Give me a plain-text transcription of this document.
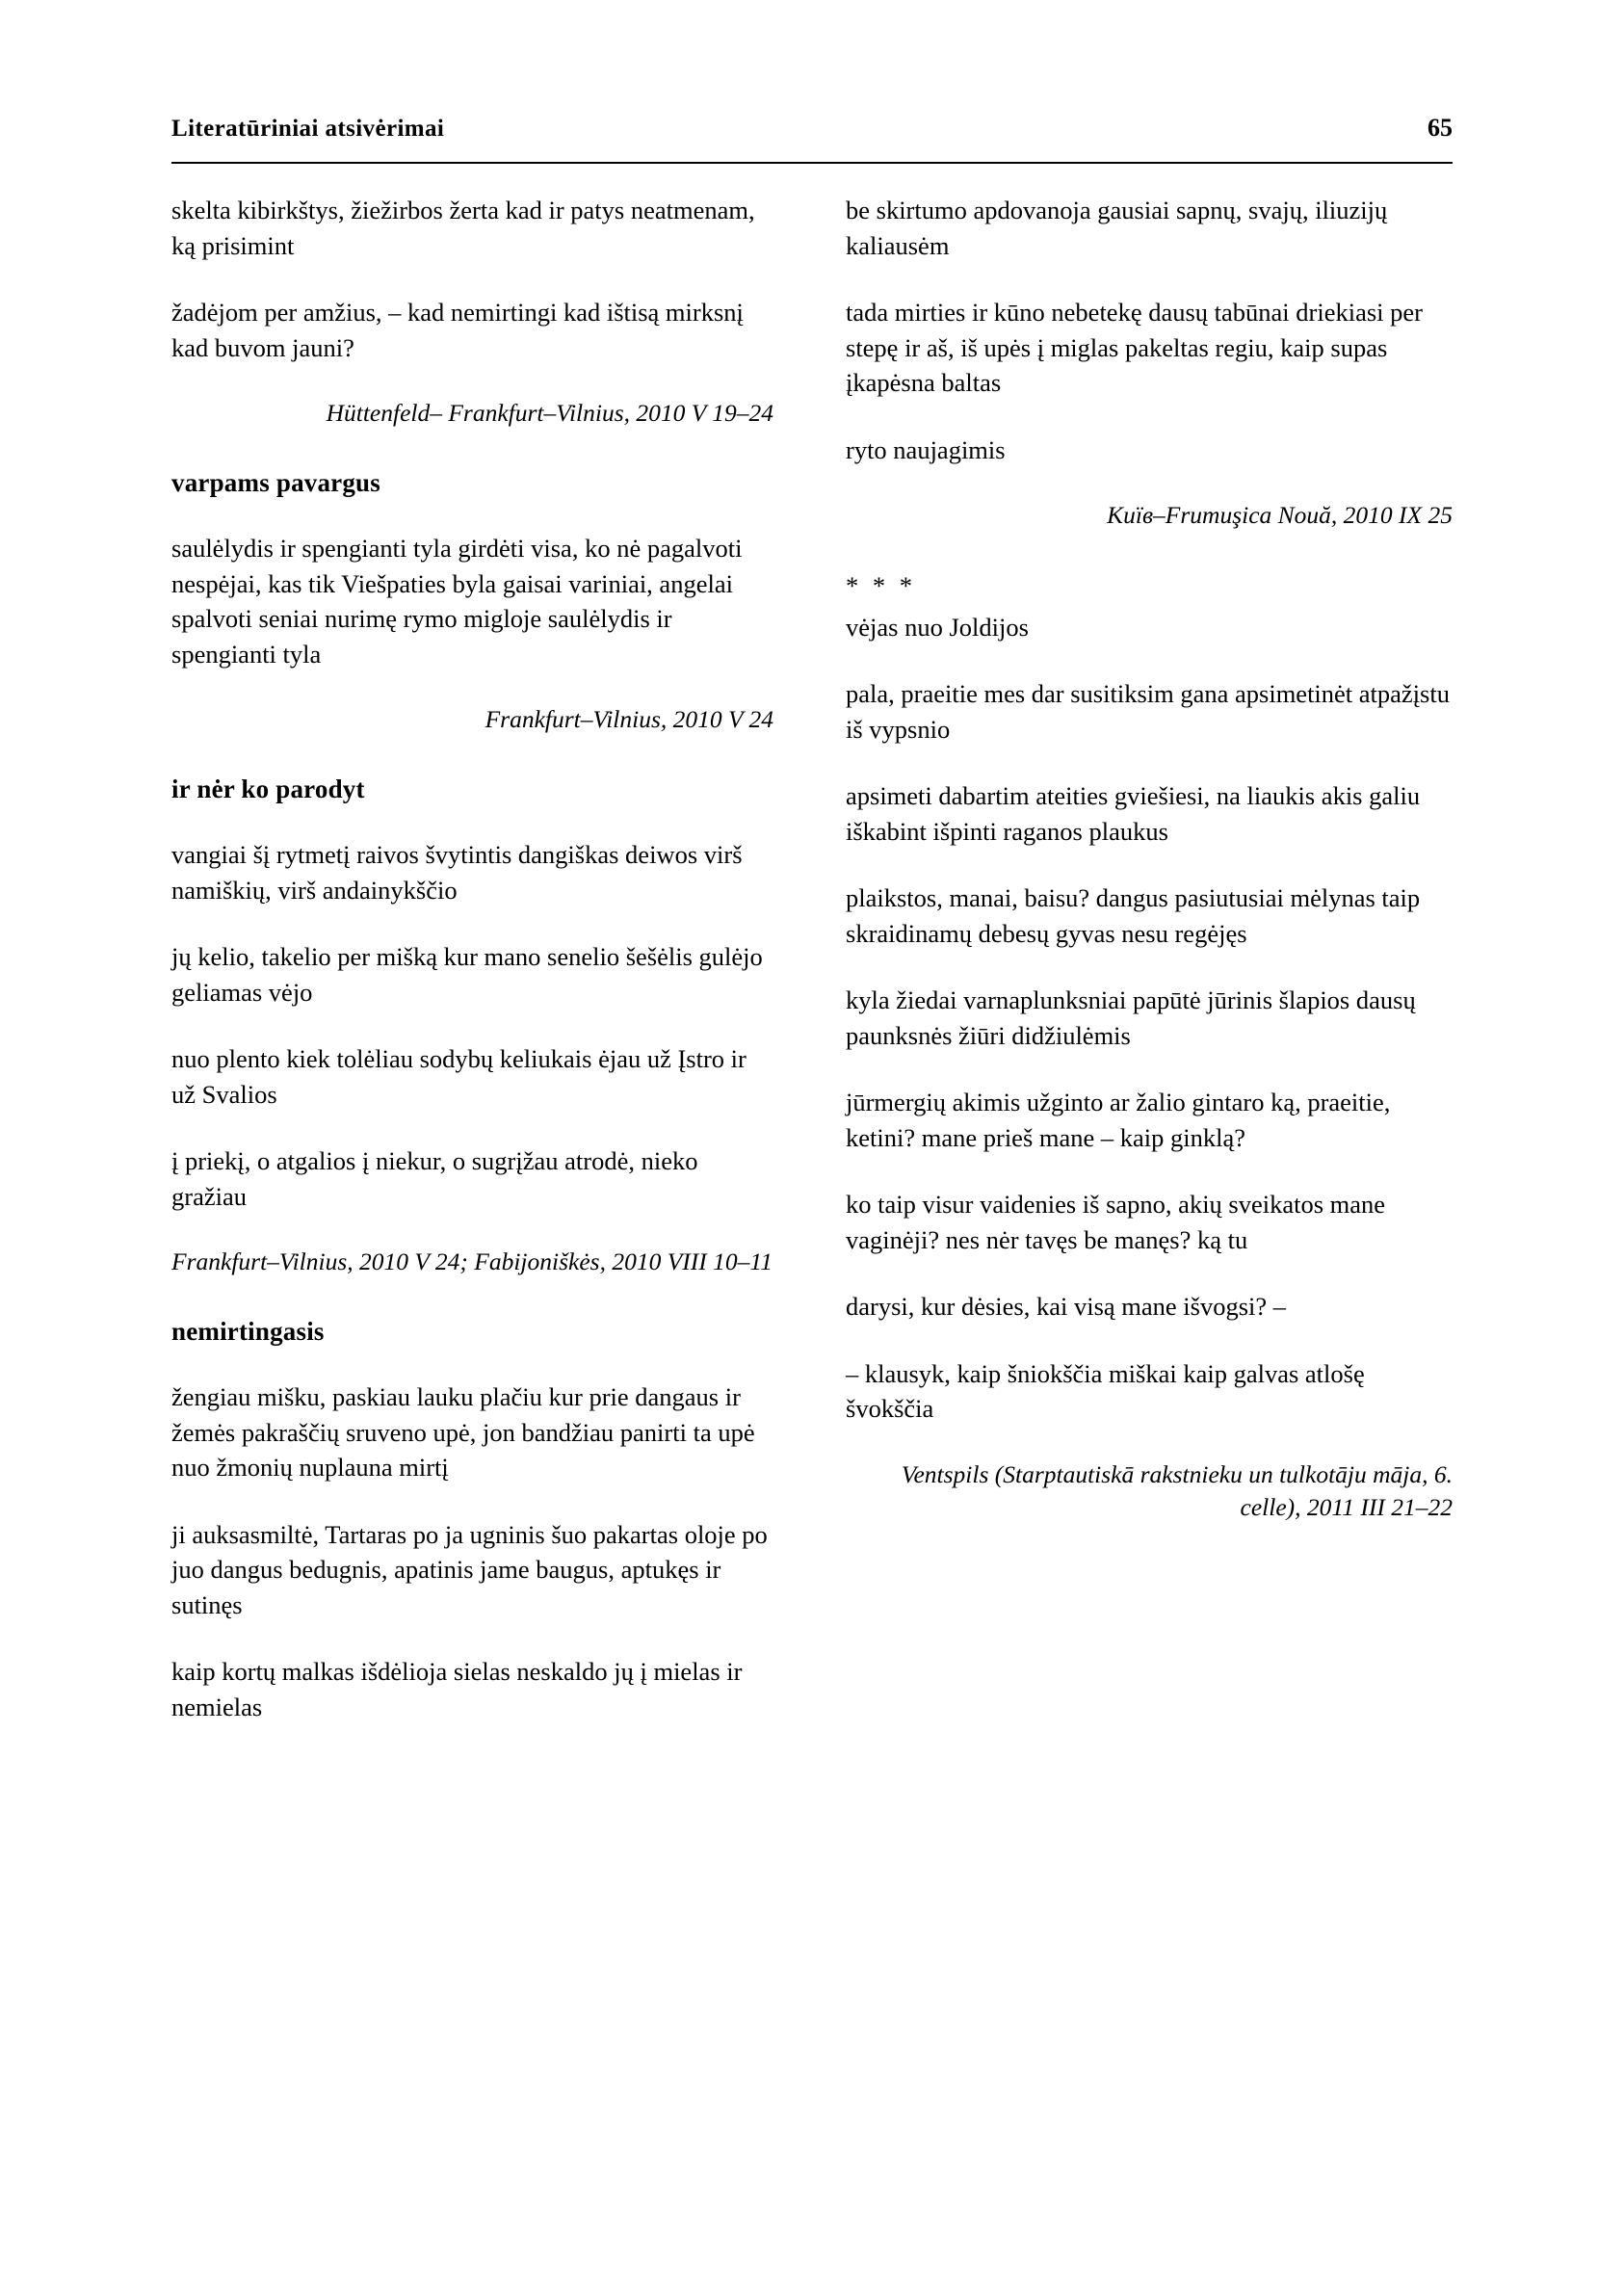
Literatūriniai atsivėrimai	65
skelta kibirkštys, žiežirbos žerta kad ir patys neatmenam, ką prisimint
žadėjom per amžius, – kad nemirtingi kad ištisą mirksnį kad buvom jauni?
Hüttenfeld– Frankfurt–Vilnius, 2010 V 19–24
varpams pavargus
saulėlydis ir spengianti tyla girdėti visa, ko nė pagalvoti nespėjai, kas tik Viešpaties byla gaisai variniai, angelai spalvoti seniai nurimę rymo migloje saulėlydis ir spengianti tyla
Frankfurt–Vilnius, 2010 V 24
ir nėr ko parodyt
vangiai šį rytmetį raivos švytintis dangiškas deiwos virš namiškių, virš andainykščio
jų kelio, takelio per mišką kur mano senelio šešėlis gulėjo geliamas vėjo
nuo plento kiek tolėliau sodybų keliukais ėjau už Įstro ir už Svalios
į priekį, o atgalios į niekur, o sugrįžau atrodė, nieko gražiau
Frankfurt–Vilnius, 2010 V 24; Fabijoniškės, 2010 VIII 10–11
nemirtingasis
žengiau mišku, paskiau lauku plačiu kur prie dangaus ir žemės pakraščių sruveno upė, jon bandžiau panirti ta upė nuo žmonių nuplauna mirtį
ji auksasmiltė, Tartaras po ja ugninis šuo pakartas oloje po juo dangus bedugnis, apatinis jame baugus, aptukęs ir sutinęs
kaip kortų malkas išdėlioja sielas neskaldo jų į mielas ir nemielas
be skirtumo apdovanoja gausiai sapnų, svajų, iliuzijų kaliausėm
tada mirties ir kūno nebetekę dausų tabūnai driekiasi per stepę ir aš, iš upės į miglas pakeltas regiu, kaip supas įkapėsna baltas
ryto naujagimis
Kuïв–Frumuşica Nouă, 2010 IX 25
* * *
vėjas nuo Joldijos
pala, praeitie mes dar susitiksim gana apsimetinėt atpažįstu iš vypsnio
apsimeti dabartim ateities gviešiesi, na liaukis akis galiu iškabint išpinti raganos plaukus
plaikstos, manai, baisu? dangus pasiutusiai mėlynas taip skraidinamų debesų gyvas nesu regėjęs
kyla žiedai varnaplunksniai papūtė jūrinis šlapios dausų paunksnės žiūri didžiulėmis
jūrmergių akimis užginto ar žalio gintaro ką, praeitie, ketini? mane prieš mane – kaip ginklą?
ko taip visur vaidenies iš sapno, akių sveikatos mane vaginėji? nes nėr tavęs be manęs? ką tu
darysi, kur dėsies, kai visą mane išvogsi? –
– klausyk, kaip šniokščia miškai kaip galvas atlošę švokščia
Ventspils (Starptautiskā rakstnieku un tulkotāju māja, 6. celle), 2011 III 21–22
